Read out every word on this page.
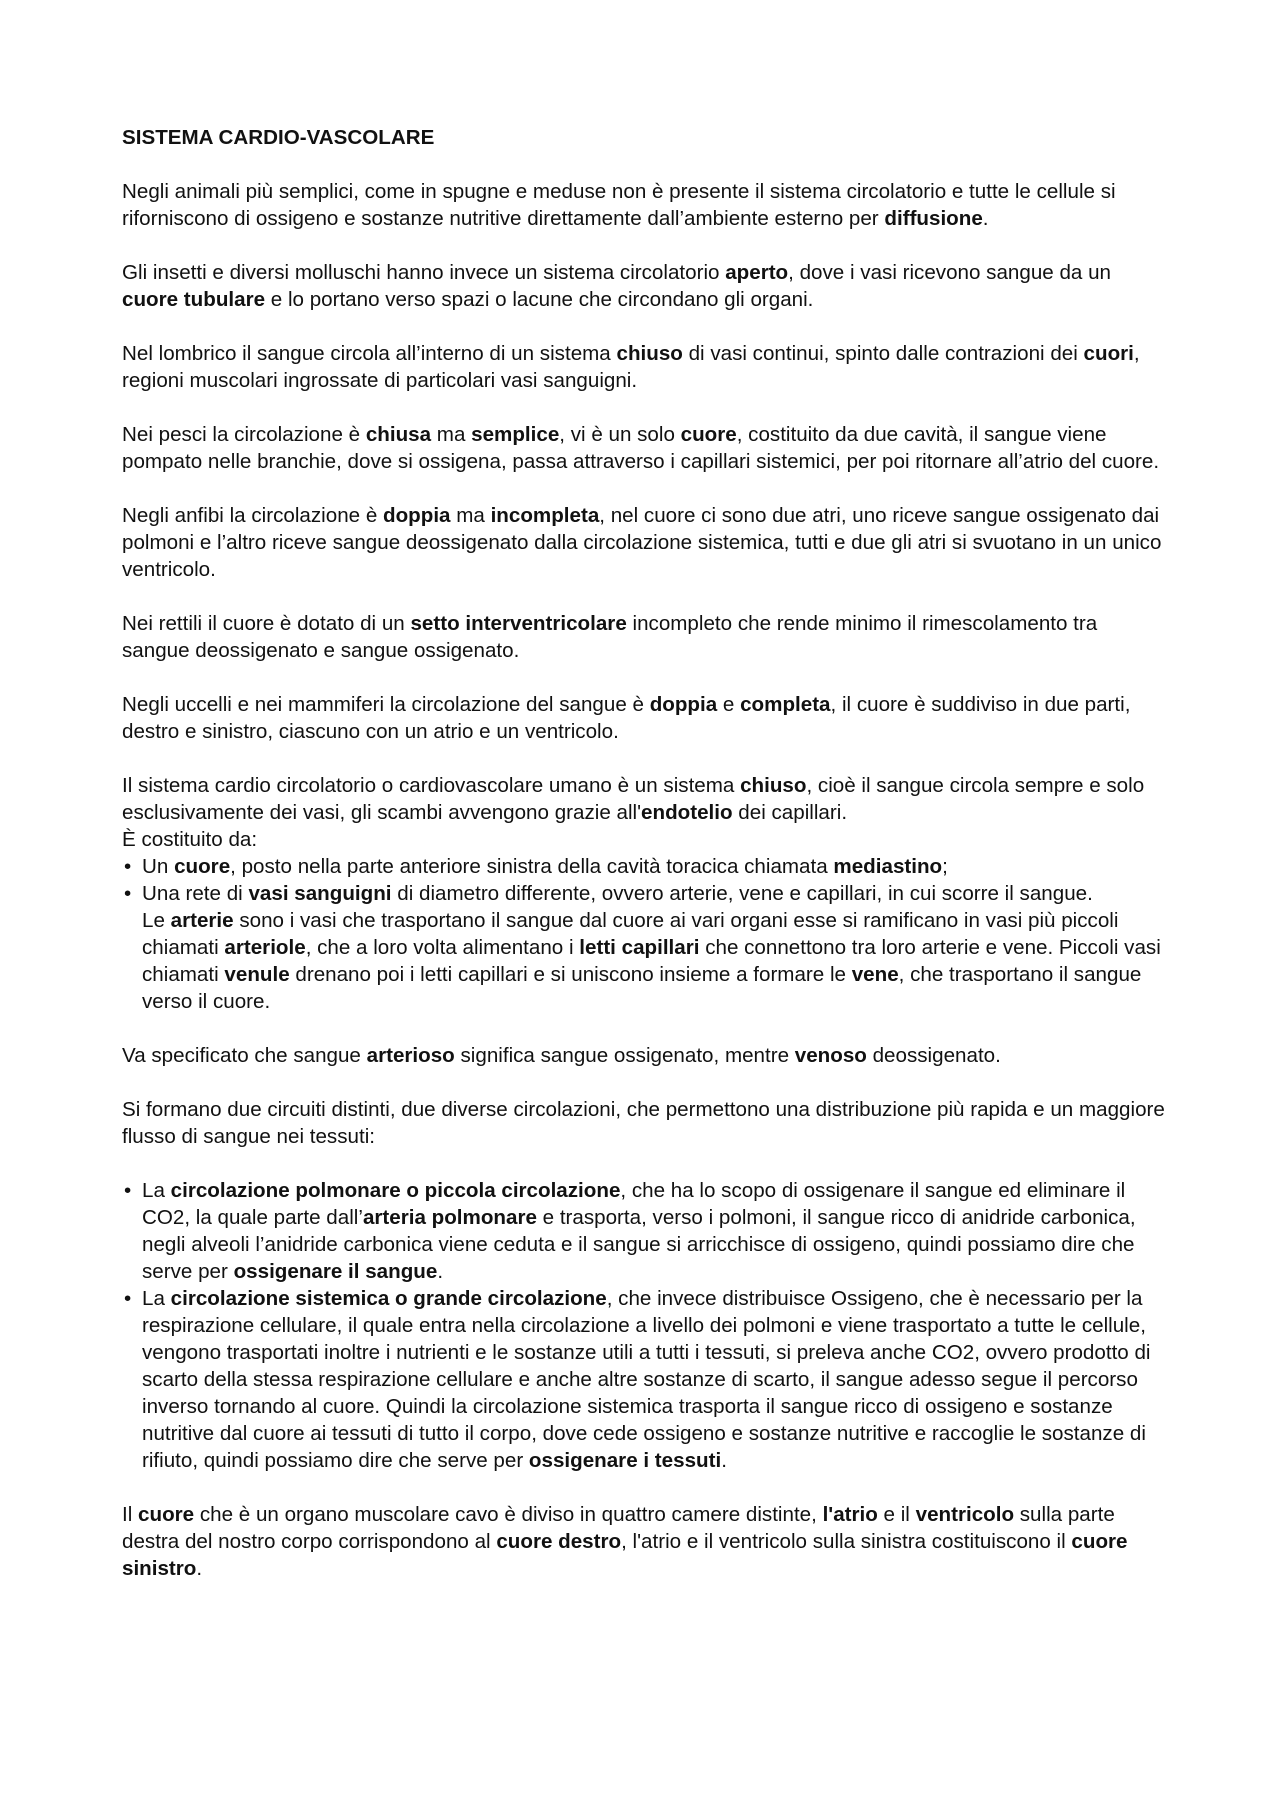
SISTEMA CARDIO-VASCOLARE

Negli animali più semplici, come in spugne e meduse non è presente il sistema circolatorio e tutte le cellule si riforniscono di ossigeno e sostanze nutritive direttamente dall’ambiente esterno per diffusione.

Gli insetti e diversi molluschi hanno invece un sistema circolatorio aperto, dove i vasi ricevono sangue da un cuore tubulare e lo portano verso spazi o lacune che circondano gli organi.

Nel lombrico il sangue circola all’interno di un sistema chiuso di vasi continui, spinto dalle contrazioni dei cuori, regioni muscolari ingrossate di particolari vasi sanguigni.

Nei pesci la circolazione è chiusa ma semplice, vi è un solo cuore, costituito da due cavità, il sangue viene pompato nelle branchie, dove si ossigena, passa attraverso i capillari sistemici, per poi ritornare all’atrio del cuore.

Negli anfibi la circolazione è doppia ma incompleta, nel cuore ci sono due atri, uno riceve sangue ossigenato dai polmoni e l’altro riceve sangue deossigenato dalla circolazione sistemica, tutti e due gli atri si svuotano in un unico ventricolo.

Nei rettili il cuore è dotato di un setto interventricolare incompleto che rende minimo il rimescolamento tra sangue deossigenato e sangue ossigenato.

Negli uccelli e nei mammiferi la circolazione del sangue è doppia e completa, il cuore è suddiviso in due parti, destro e sinistro, ciascuno con un atrio e un ventricolo.

Il sistema cardio circolatorio o cardiovascolare umano è un sistema chiuso, cioè il sangue circola sempre e solo esclusivamente dei vasi, gli scambi avvengono grazie all'endotelio dei capillari.

È costituito da:

• Un cuore, posto nella parte anteriore sinistra della cavità toracica chiamata mediastino;
• Una rete di vasi sanguigni di diametro differente, ovvero arterie, vene e capillari, in cui scorre il sangue.
Le arterie sono i vasi che trasportano il sangue dal cuore ai vari organi esse si ramificano in vasi più piccoli chiamati arteriole, che a loro volta alimentano i letti capillari che connettono tra loro arterie e vene. Piccoli vasi chiamati venule drenano poi i letti capillari e si uniscono insieme a formare le vene, che trasportano il sangue verso il cuore.

Va specificato che sangue arterioso significa sangue ossigenato, mentre venoso deossigenato.

Si formano due circuiti distinti, due diverse circolazioni, che permettono una distribuzione più rapida e un maggiore flusso di sangue nei tessuti:

• La circolazione polmonare o piccola circolazione, che ha lo scopo di ossigenare il sangue ed eliminare il CO2, la quale parte dall’arteria polmonare e trasporta, verso i polmoni, il sangue ricco di anidride carbonica, negli alveoli l’anidride carbonica viene ceduta e il sangue si arricchisce di ossigeno, quindi possiamo dire che serve per ossigenare il sangue.
• La circolazione sistemica o grande circolazione, che invece distribuisce Ossigeno, che è necessario per la respirazione cellulare, il quale entra nella circolazione a livello dei polmoni e viene trasportato a tutte le cellule, vengono trasportati inoltre i nutrienti e le sostanze utili a tutti i tessuti, si preleva anche CO2, ovvero prodotto di scarto della stessa respirazione cellulare e anche altre sostanze di scarto, il sangue adesso segue il percorso inverso tornando al cuore. Quindi la circolazione sistemica trasporta il sangue ricco di ossigeno e sostanze nutritive dal cuore ai tessuti di tutto il corpo, dove cede ossigeno e sostanze nutritive e raccoglie le sostanze di rifiuto, quindi possiamo dire che serve per ossigenare i tessuti.

Il cuore che è un organo muscolare cavo è diviso in quattro camere distinte, l'atrio e il ventricolo sulla parte destra del nostro corpo corrispondono al cuore destro, l'atrio e il ventricolo sulla sinistra costituiscono il cuore sinistro.
